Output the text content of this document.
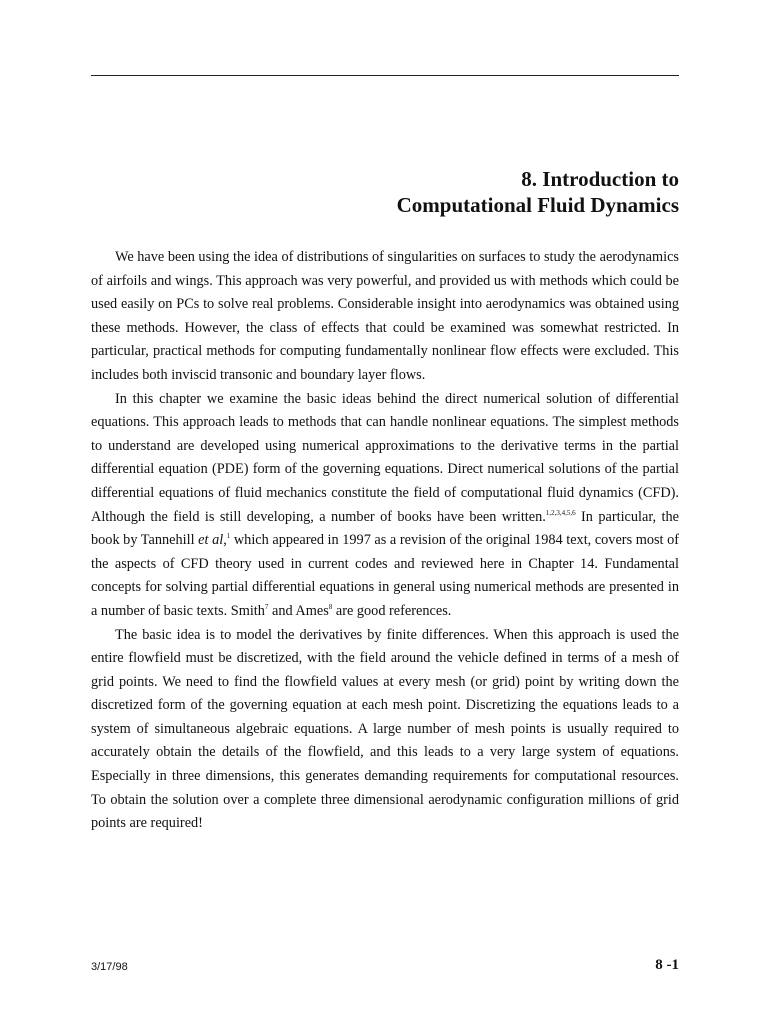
8. Introduction to
Computational Fluid Dynamics

We have been using the idea of distributions of singularities on surfaces to study the aerodynamics of airfoils and wings. This approach was very powerful, and provided us with methods which could be used easily on PCs to solve real problems. Considerable insight into aerodynamics was obtained using these methods. However, the class of effects that could be examined was somewhat restricted. In particular, practical methods for computing fundamentally nonlinear flow effects were excluded. This includes both inviscid transonic and boundary layer flows.

In this chapter we examine the basic ideas behind the direct numerical solution of differential equations. This approach leads to methods that can handle nonlinear equations. The simplest methods to understand are developed using numerical approximations to the derivative terms in the partial differential equation (PDE) form of the governing equations. Direct numerical solutions of the partial differential equations of fluid mechanics constitute the field of computational fluid dynamics (CFD). Although the field is still developing, a number of books have been written.$^{1,2,3,4,5,6}$ In particular, the book by Tannehill et al,$^1$ which appeared in 1997 as a revision of the original 1984 text, covers most of the aspects of CFD theory used in current codes and reviewed here in Chapter 14. Fundamental concepts for solving partial differential equations in general using numerical methods are presented in a number of basic texts. Smith$^7$ and Ames$^8$ are good references.

The basic idea is to model the derivatives by finite differences. When this approach is used the entire flowfield must be discretized, with the field around the vehicle defined in terms of a mesh of grid points. We need to find the flowfield values at every mesh (or grid) point by writing down the discretized form of the governing equation at each mesh point. Discretizing the equations leads to a system of simultaneous algebraic equations. A large number of mesh points is usually required to accurately obtain the details of the flowfield, and this leads to a very large system of equations. Especially in three dimensions, this generates demanding requirements for computational resources. To obtain the solution over a complete three dimensional aerodynamic configuration millions of grid points are required!

3/17/98	8 -1
